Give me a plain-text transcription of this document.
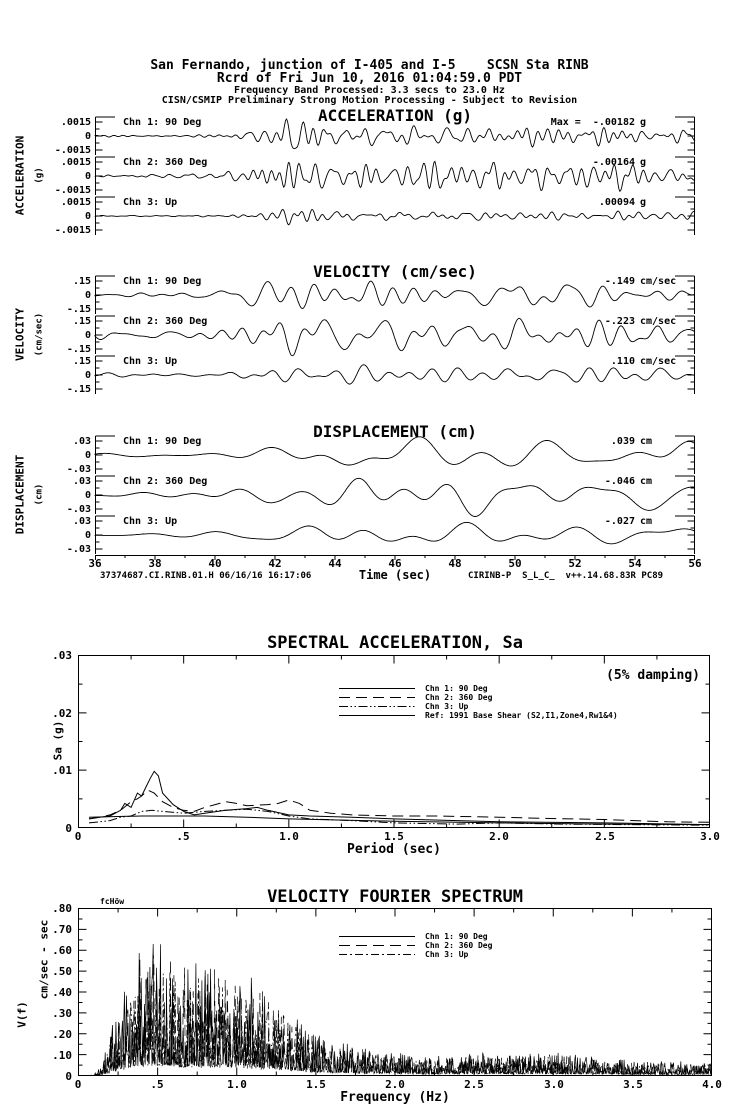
San Fernando, junction of I-405 and I-5    SCSN Sta RINB
Rcrd of Fri Jun 10, 2016 01:04:59.0 PDT
Frequency Band Processed: 3.3 secs to 23.0 Hz
CISN/CSMIP Preliminary Strong Motion Processing - Subject to Revision
ACCELERATION (g)
VELOCITY (cm/sec)
DISPLACEMENT (cm)
ACCELERATION (g)
VELOCITY (cm/sec)
DISPLACEMENT (cm)
.0015
0
-.0015
Chn 1: 90 Deg	Max =  -.00182 g
.0015
0
-.0015
Chn 2: 360 Deg	-.00164 g
.0015
0
-.0015
Chn 3: Up	.00094 g
.15
0
-.15
Chn 1: 90 Deg	-.149 cm/sec
.15
0
-.15
Chn 2: 360 Deg	-.223 cm/sec
.15
0
-.15
Chn 3: Up	.110 cm/sec
.03
0
-.03
Chn 1: 90 Deg	.039 cm
.03
0
-.03
Chn 2: 360 Deg	-.046 cm
.03
0
-.03
Chn 3: Up	-.027 cm
36	38	40	42	44	46	48	50	52	54	56
Time (sec)
37374687.CI.RINB.01.H 06/16/16 16:17:06	CIRINB-P  S_L_C_  v++.14.68.83R PC89
SPECTRAL ACCELERATION, Sa
(5% damping)
Sa (g)
.03
.02
.01
0
0	.5	1.0	1.5	2.0	2.5	3.0
Period (sec)
Chn 1: 90 Deg
Chn 2: 360 Deg
Chn 3: Up
Ref: 1991 Base Shear (S2,I1,Zone4,Rw1&4)
VELOCITY FOURIER SPECTRUM
fcHöw
V(f)
cm/sec - sec
.80
.70
.60
.50
.40
.30
.20
.10
0
0	.5	1.0	1.5	2.0	2.5	3.0	3.5	4.0
Frequency (Hz)
Chn 1: 90 Deg
Chn 2: 360 Deg
Chn 3: Up
